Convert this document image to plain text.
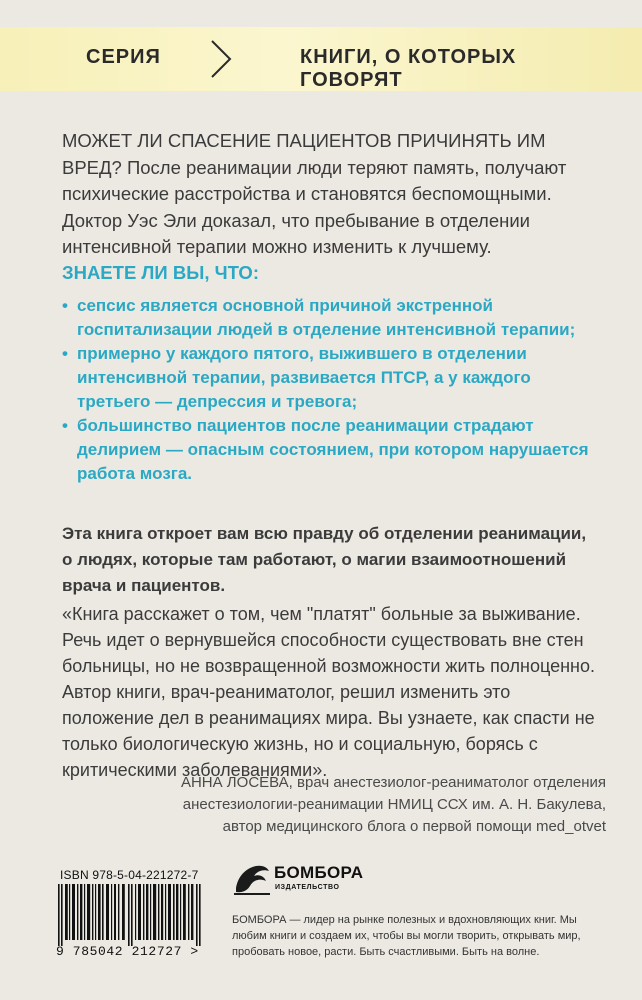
СЕРИЯ	КНИГИ, О КОТОРЫХ ГОВОРЯТ

МОЖЕТ ЛИ СПАСЕНИЕ ПАЦИЕНТОВ ПРИЧИНЯТЬ ИМ ВРЕД? После реанимации люди теряют память, получают психические расстройства и становятся беспомощными. Доктор Уэс Эли доказал, что пребывание в отделении интенсивной терапии можно изменить к лучшему.

ЗНАЕТЕ ЛИ ВЫ, ЧТО:

• сепсис является основной причиной экстренной госпитализации людей в отделение интенсивной терапии;
• примерно у каждого пятого, выжившего в отделении интенсивной терапии, развивается ПТСР, а у каждого третьего — депрессия и тревога;
• большинство пациентов после реанимации страдают делирием — опасным состоянием, при котором нарушается работа мозга.

Эта книга откроет вам всю правду об отделении реанимации, о людях, которые там работают, о магии взаимоотношений врача и пациентов.

«Книга расскажет о том, чем "платят" больные за выживание. Речь идет о вернувшейся способности существовать вне стен больницы, но не возвращенной возможности жить полноценно. Автор книги, врач-реаниматолог, решил изменить это положение дел в реанимациях мира. Вы узнаете, как спасти не только биологическую жизнь, но и социальную, борясь с критическими заболеваниями».

АННА ЛОСЕВА, врач анестезиолог-реаниматолог отделения
анестезиологии-реанимации НМИЦ ССХ им. А. Н. Бакулева,
автор медицинского блога о первой помощи med_otvet
ISBN 978-5-04-221272-7
9 785042 212727 >
БОМБОРА
ИЗДАТЕЛЬСТВО

БОМБОРА — лидер на рынке полезных и вдохновляющих книг. Мы любим книги и создаем их, чтобы вы могли творить, открывать мир, пробовать новое, расти. Быть счастливыми. Быть на волне.
